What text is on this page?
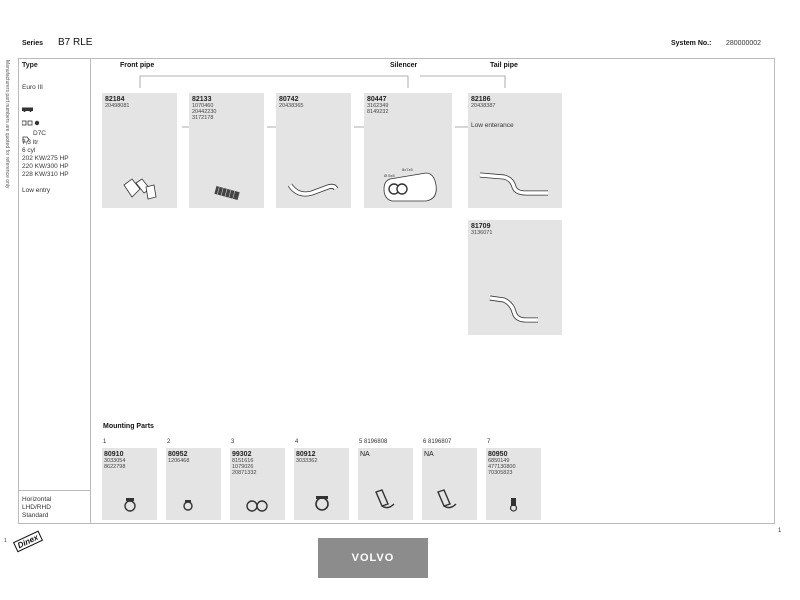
Series B7 RLE	System No.: 280000002
Manufacturers part numbers are quoted for reference only Type
Euro III
D7C
7,3 ltr
6 cyl
202 KW/275 HP
220 KW/300 HP
228 KW/310 HP
Low entry
Horizontal
LHD/RHD
Standard
Front pipe	Silencer	Tail pipe
82184
20498081
82133
1070460
20442230
3172178
80742
20438365
80447
3162349
8149232
Ø 5x5
8x7x5
82186
20438387
Low enterance
81709
3136071
Mounting Parts
1
80910
3033054
8622798
2
80952
1206468
3
99302
8151616
1079026
20871332
4
80912
3033362
5 8196808
NA
6 8196807
NA
7
80950
6850149
477130800
70305823
1
1	Dinex
VOLVO
